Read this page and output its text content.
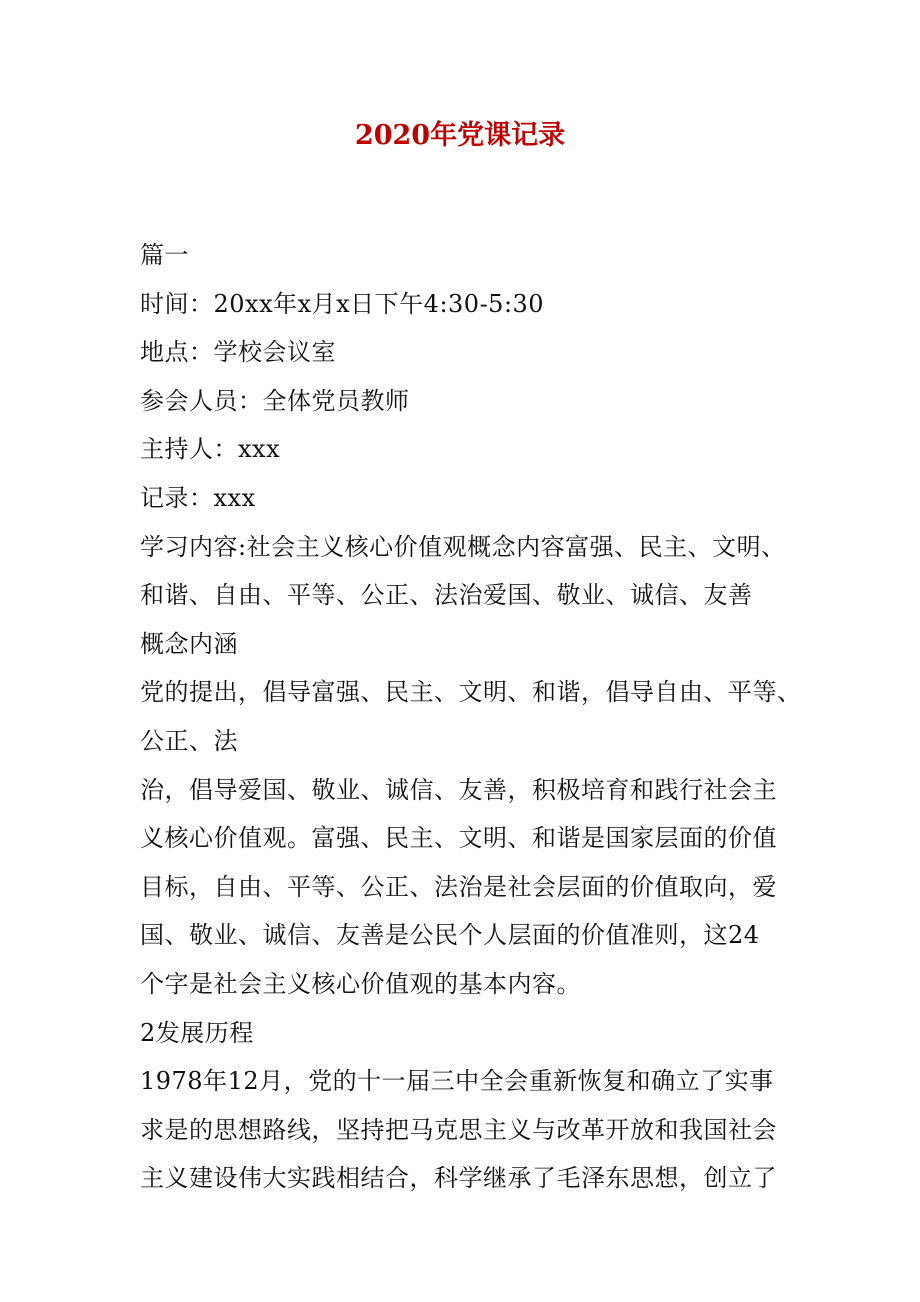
2020年党课记录
篇一
时间：20xx年x月x日下午4:30-5:30
地点：学校会议室
参会人员：全体党员教师
主持人：xxx
记录：xxx
学习内容:社会主义核心价值观概念内容富强、民主、文明、
和谐、自由、平等、公正、法治爱国、敬业、诚信、友善
概念内涵
党的提出，倡导富强、民主、文明、和谐，倡导自由、平等、
公正、法
治，倡导爱国、敬业、诚信、友善，积极培育和践行社会主
义核心价值观。富强、民主、文明、和谐是国家层面的价值
目标，自由、平等、公正、法治是社会层面的价值取向，爱
国、敬业、诚信、友善是公民个人层面的价值准则，这24
个字是社会主义核心价值观的基本内容。
2发展历程
1978年12月，党的十一届三中全会重新恢复和确立了实事
求是的思想路线，坚持把马克思主义与改革开放和我国社会
主义建设伟大实践相结合，科学继承了毛泽东思想，创立了
